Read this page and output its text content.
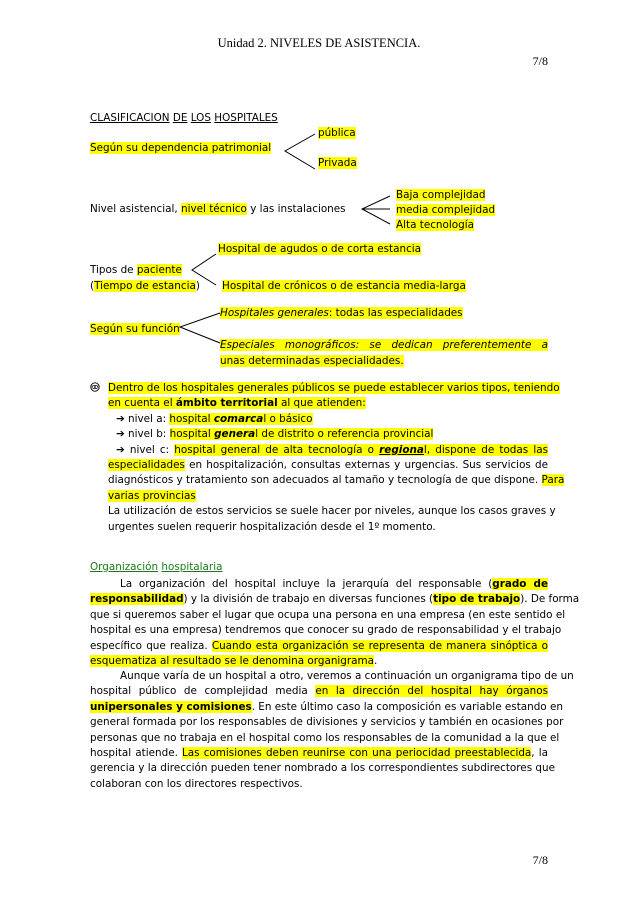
Unidad 2. NIVELES DE ASISTENCIA.
7/8
CLASIFICACION DE LOS HOSPITALES
Según su dependencia patrimonial
pública
Privada
Nivel asistencial, nivel técnico y las instalaciones
Baja complejidad
media complejidad
Alta tecnología
Tipos de paciente
(Tiempo de estancia)
Hospital de agudos o de corta estancia
Hospital de crónicos o de estancia media-larga
Según su función
Hospitales generales: todas las especialidades
Especiales monográficos: se dedican preferentemente a
unas determinadas especialidades.
Dentro de los hospitales generales públicos se puede establecer varios tipos, teniendo
en cuenta el ámbito territorial al que atienden:
➔ nivel a: hospital comarcal o básico
➔ nivel b: hospital general de distrito o referencia provincial
➔ nivel c: hospital general de alta tecnología o regional, dispone de todas las
especialidades en hospitalización, consultas externas y urgencias. Sus servicios de
diagnósticos y tratamiento son adecuados al tamaño y tecnología de que dispone. Para
varias provincias
La utilización de estos servicios se suele hacer por niveles, aunque los casos graves y
urgentes suelen requerir hospitalización desde el 1º momento.
Organización hospitalaria
La organización del hospital incluye la jerarquía del responsable (grado de
responsabilidad) y la división de trabajo en diversas funciones (tipo de trabajo). De forma
que si queremos saber el lugar que ocupa una persona en una empresa (en este sentido el
hospital es una empresa) tendremos que conocer su grado de responsabilidad y el trabajo
específico que realiza. Cuando esta organización se representa de manera sinóptica o
esquematiza al resultado se le denomina organigrama.
Aunque varía de un hospital a otro, veremos a continuación un organigrama tipo de un
hospital público de complejidad media en la dirección del hospital hay órganos
unipersonales y comisiones. En este último caso la composición es variable estando en
general formada por los responsables de divisiones y servicios y también en ocasiones por
personas que no trabaja en el hospital como los responsables de la comunidad a la que el
hospital atiende. Las comisiones deben reunirse con una periocidad preestablecida, la
gerencia y la dirección pueden tener nombrado a los correspondientes subdirectores que
colaboran con los directores respectivos.
7/8
